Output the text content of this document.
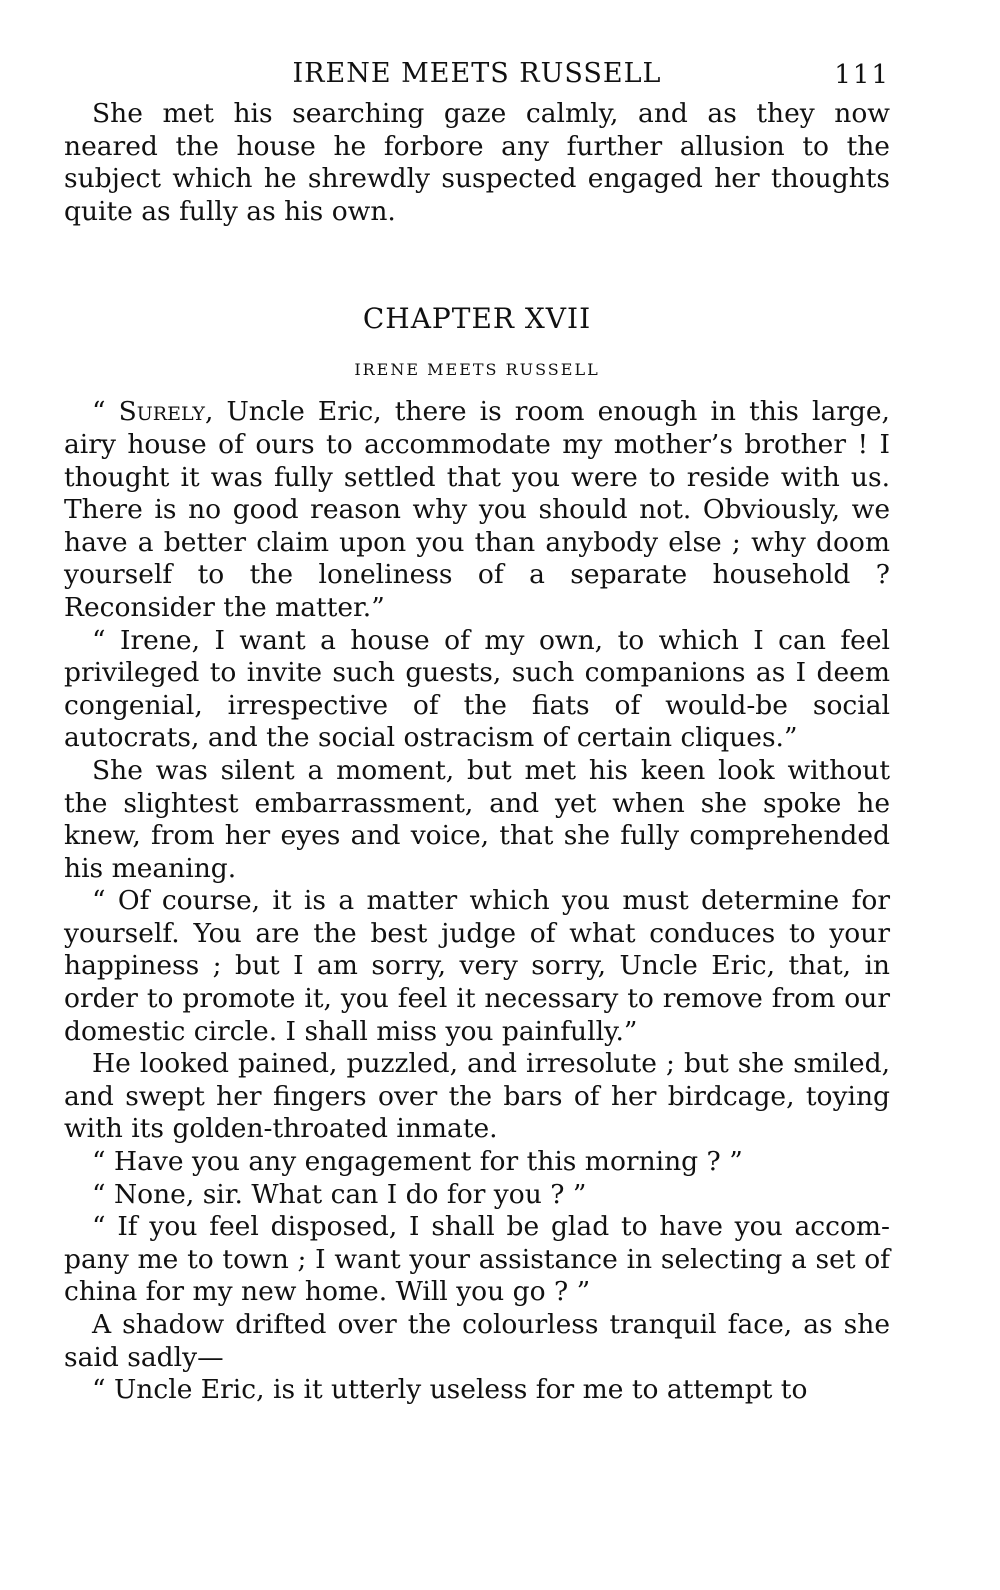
IRENE MEETS RUSSELL	111

She met his searching gaze calmly, and as they now neared the house he forbore any further allusion to the subject which he shrewdly suspected engaged her thoughts quite as fully as his own.

CHAPTER XVII
IRENE MEETS RUSSELL

“ Surely, Uncle Eric, there is room enough in this large, airy house of ours to accommodate my mother’s brother ! I thought it was fully settled that you were to reside with us. There is no good reason why you should not. Obviously, we have a better claim upon you than anybody else ; why doom yourself to the loneliness of a separate household ? Reconsider the matter.”

“ Irene, I want a house of my own, to which I can feel privileged to invite such guests, such companions as I deem congenial, irrespective of the fiats of would-be social autocrats, and the social ostracism of certain cliques.”

She was silent a moment, but met his keen look without the slightest embarrassment, and yet when she spoke he knew, from her eyes and voice, that she fully comprehended his meaning.

“ Of course, it is a matter which you must determine for yourself. You are the best judge of what conduces to your happiness ; but I am sorry, very sorry, Uncle Eric, that, in order to promote it, you feel it necessary to remove from our domestic circle. I shall miss you painfully.”

He looked pained, puzzled, and irresolute ; but she smiled, and swept her fingers over the bars of her birdcage, toying with its golden-throated inmate.

“ Have you any engagement for this morning ? ”

“ None, sir. What can I do for you ? ”

“ If you feel disposed, I shall be glad to have you accompany me to town ; I want your assistance in selecting a set of china for my new home. Will you go ? ”

A shadow drifted over the colourless tranquil face, as she said sadly—

“ Uncle Eric, is it utterly useless for me to attempt to
